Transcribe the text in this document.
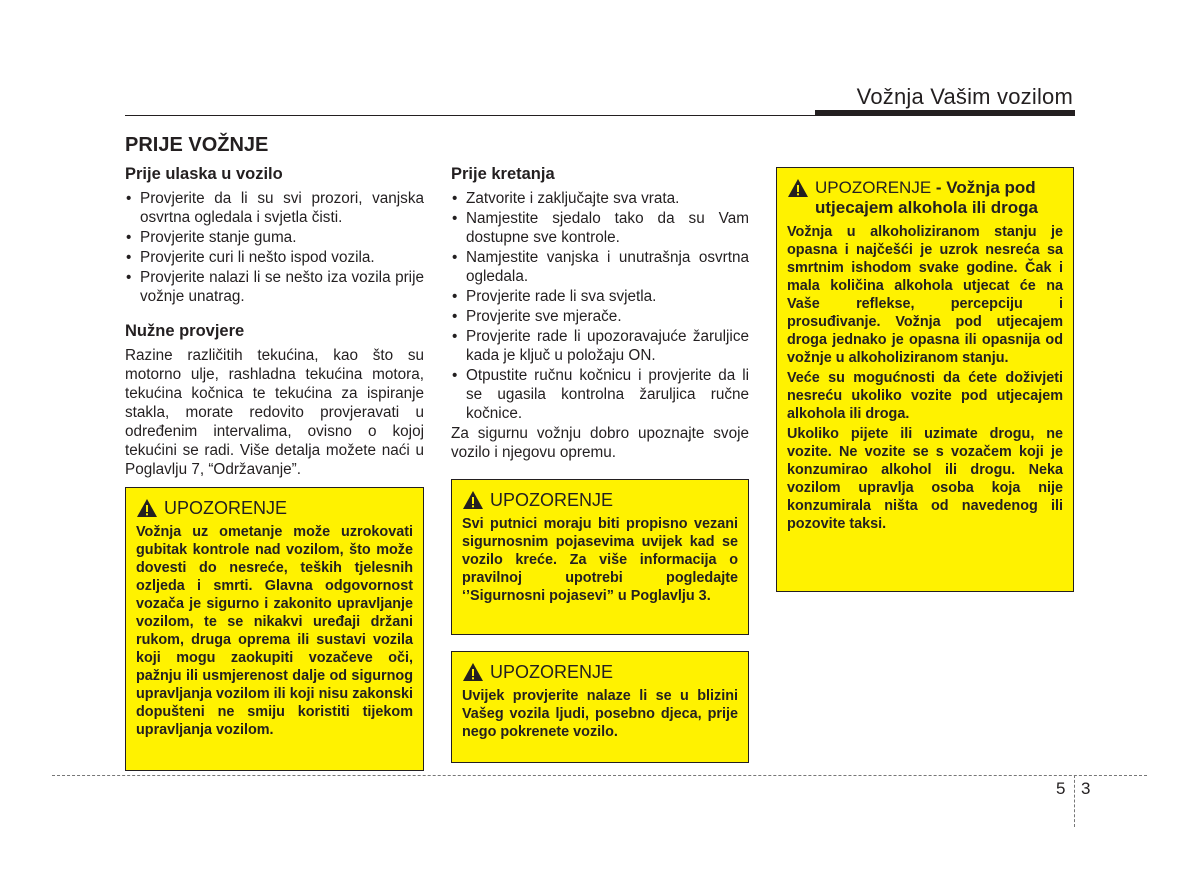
Vožnja Vašim vozilom
PRIJE VOŽNJE
Prije ulaska u vozilo
• Provjerite da li su svi prozori, vanjska osvrtna ogledala i svjetla čisti.
• Provjerite stanje guma.
• Provjerite curi li nešto ispod vozila.
• Provjerite nalazi li se nešto iza vozila prije vožnje unatrag.
Nužne provjere

Razine različitih tekućina, kao što su motorno ulje, rashladna tekućina motora, tekućina kočnica te tekućina za ispiranje stakla, morate redovito provjeravati u određenim intervalima, ovisno o kojoj tekućini se radi. Više detalja možete naći u Poglavlju 7, “Održavanje”.

Prije kretanja
• Zatvorite i zaključajte sva vrata.
• Namjestite sjedalo tako da su Vam dostupne sve kontrole.
• Namjestite vanjska i unutrašnja osvrtna ogledala.
• Provjerite rade li sva svjetla.
• Provjerite sve mjerače.
• Provjerite rade li upozoravajuće žaruljice kada je ključ u položaju ON.
• Otpustite ručnu kočnicu i provjerite da li se ugasila kontrolna žaruljica ručne kočnice.

Za sigurnu vožnju dobro upoznajte svoje vozilo i njegovu opremu.

UPOZORENJE

Vožnja uz ometanje može uzrokovati gubitak kontrole nad vozilom, što može dovesti do nesreće, teških tjelesnih ozljeda i smrti. Glavna odgovornost vozača je sigurno i zakonito upravljanje vozilom, te se nikakvi uređaji držani rukom, druga oprema ili sustavi vozila koji mogu zaokupiti vozačeve oči, pažnju ili usmjerenost dalje od sigurnog upravljanja vozilom ili koji nisu zakonski dopušteni ne smiju koristiti tijekom upravljanja vozilom.

UPOZORENJE

Svi putnici moraju biti propisno vezani sigurnosnim pojasevima uvijek kad se vozilo kreće. Za više informacija o pravilnoj upotrebi pogledajte ‘’Sigurnosni pojasevi” u Poglavlju 3.

UPOZORENJE

Uvijek provjerite nalaze li se u blizini Vašeg vozila ljudi, posebno djeca, prije nego pokrenete vozilo.

UPOZORENJE - Vožnja pod utjecajem alkohola ili droga

Vožnja u alkoholiziranom stanju je opasna i najčešći je uzrok nesreća sa smrtnim ishodom svake godine. Čak i mala količina alkohola utjecat će na Vaše reflekse, percepciju i prosuđivanje. Vožnja pod utjecajem droga jednako je opasna ili opasnija od vožnje u alkoholiziranom stanju.

Veće su mogućnosti da ćete doživjeti nesreću ukoliko vozite pod utjecajem alkohola ili droga.

Ukoliko pijete ili uzimate drogu, ne vozite. Ne vozite se s vozačem koji je konzumirao alkohol ili drogu. Neka vozilom upravlja osoba koja nije konzumirala ništa od navedenog ili pozovite taksi.

5 3
